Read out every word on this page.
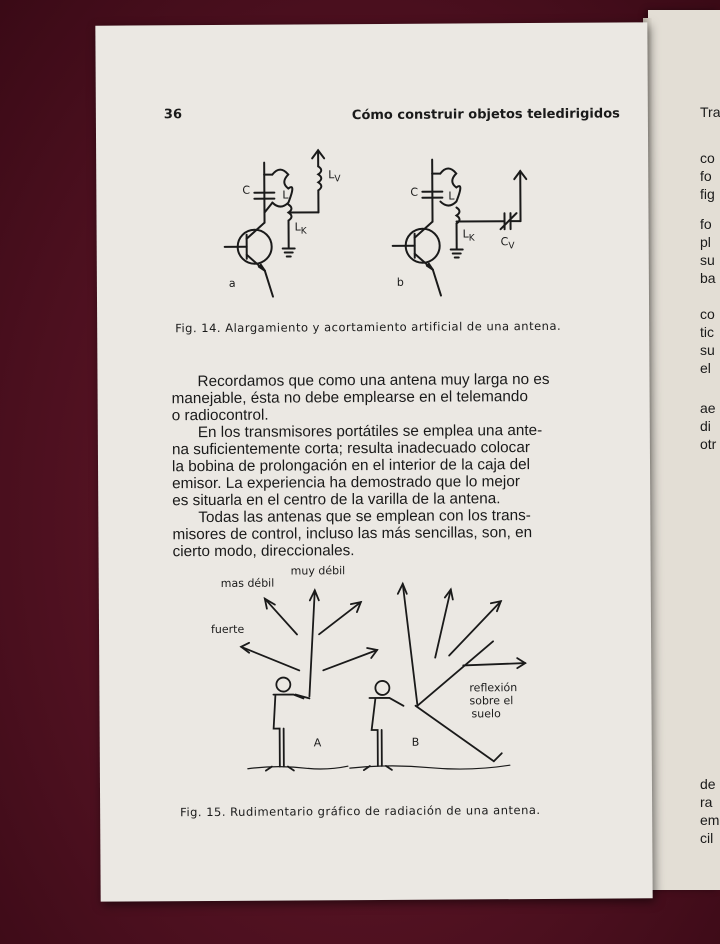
Tra
co
fo
fig
fo
pl
su
ba
co
tic
su
el
ae
di
otr
de
ra
em
cil
36	Cómo construir objetos teledirigidos
C	L
$L_V$
$L_K$
a
C	L
$L_K$ $C_V$
b
Fig. 14. Alargamiento y acortamiento artificial de una antena.
Recordamos que como una antena muy larga no es
manejable, ésta no debe emplearse en el telemando
o radiocontrol.
En los transmisores portátiles se emplea una ante-
na suficientemente corta; resulta inadecuado colocar
la bobina de prolongación en el interior de la caja del
emisor. La experiencia ha demostrado que lo mejor
es situarla en el centro de la varilla de la antena.
Todas las antenas que se emplean con los trans-
misores de control, incluso las más sencillas, son, en
cierto modo, direccionales.
mas débil
muy débil
fuerte
A	B
reflexión
sobre el
suelo
Fig. 15. Rudimentario gráfico de radiación de una antena.
